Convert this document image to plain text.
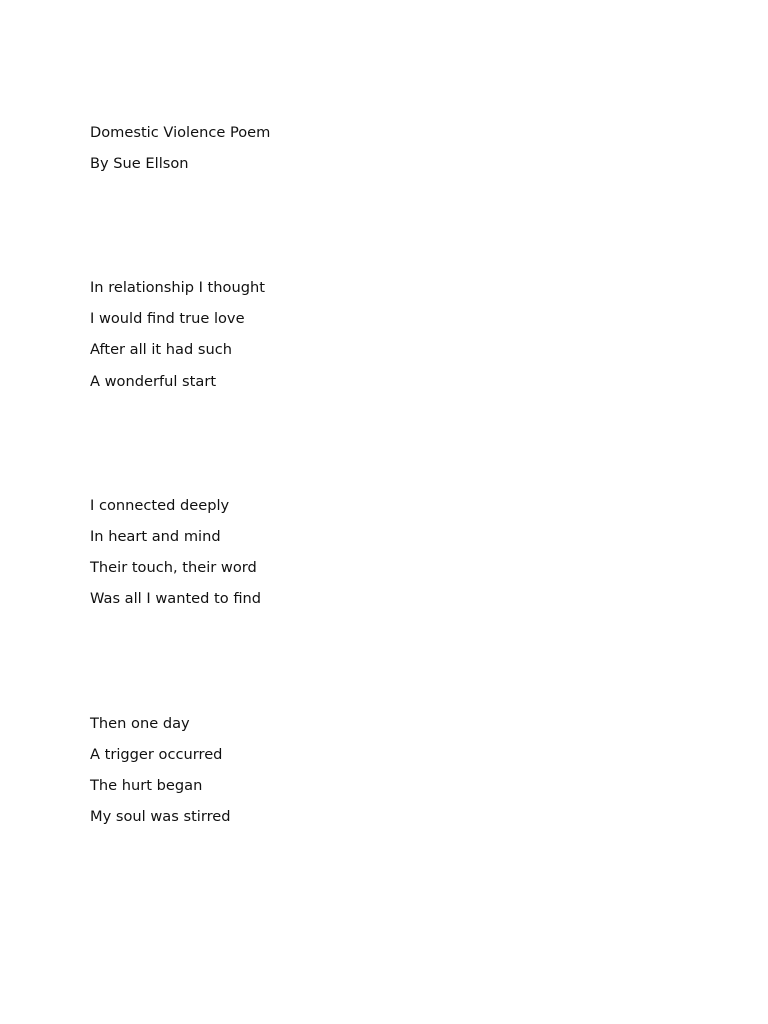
Domestic Violence Poem
By Sue Ellson
In relationship I thought
I would find true love
After all it had such
A wonderful start
I connected deeply
In heart and mind
Their touch, their word
Was all I wanted to find
Then one day
A trigger occurred
The hurt began
My soul was stirred
